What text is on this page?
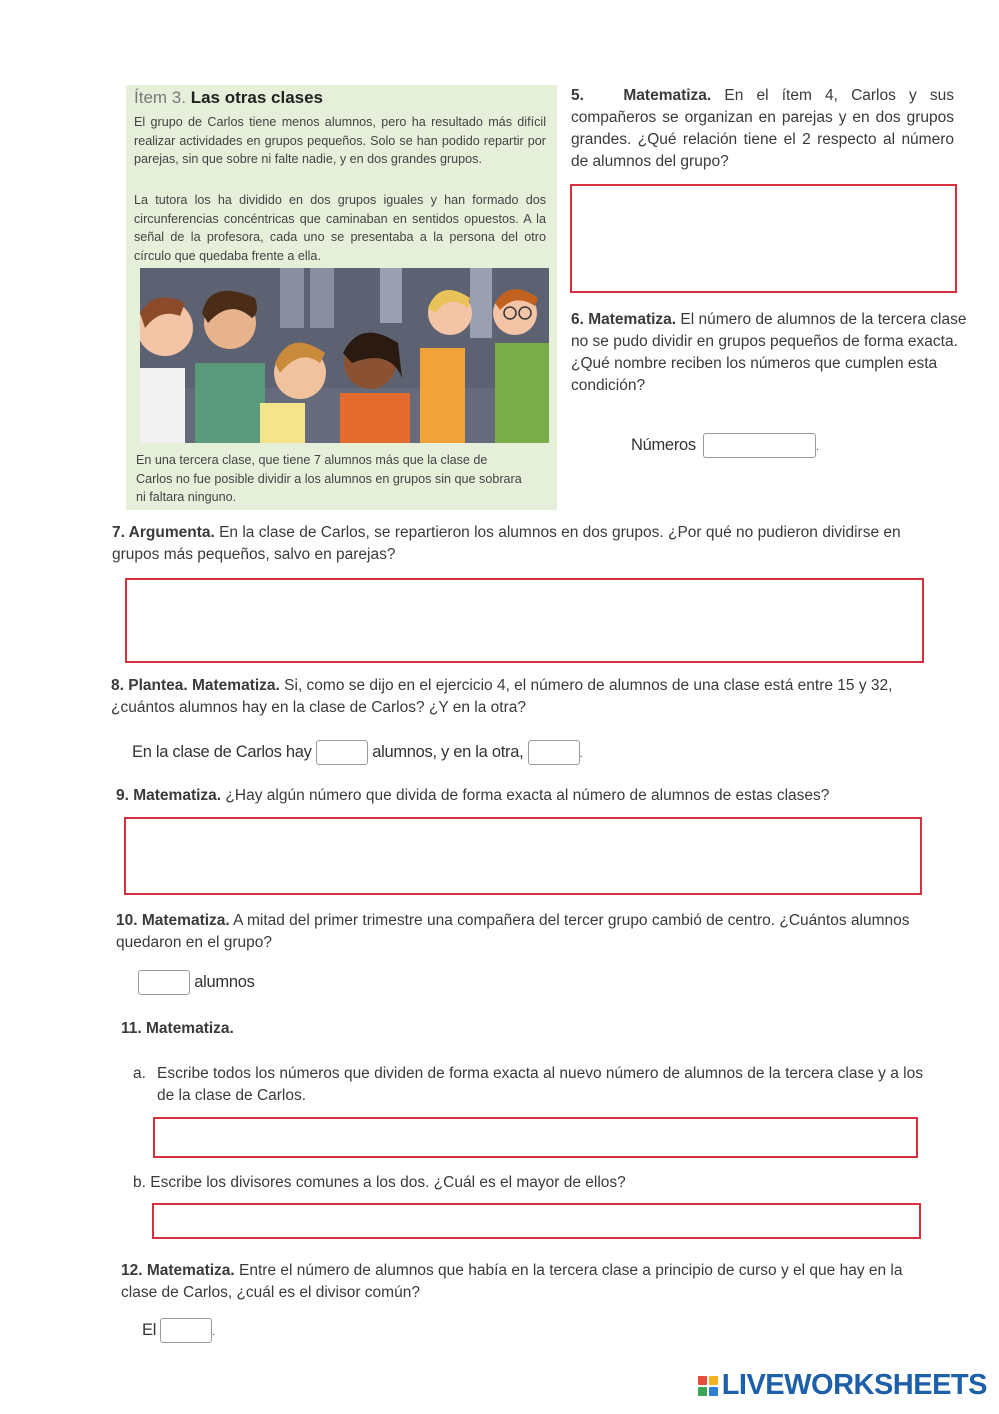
Ítem 3. Las otras clases
El grupo de Carlos tiene menos alumnos, pero ha resultado más difícil realizar actividades en grupos pequeños. Solo se han podido repartir por parejas, sin que sobre ni falte nadie, y en dos grandes grupos.
La tutora los ha dividido en dos grupos iguales y han formado dos circunferencias concéntricas que caminaban en sentidos opuestos. A la señal de la profesora, cada uno se presentaba a la persona del otro círculo que quedaba frente a ella.
En una tercera clase, que tiene 7 alumnos más que la clase de Carlos no fue posible dividir a los alumnos en grupos sin que sobrara ni faltara ninguno.
5.	Matematiza. En el ítem 4, Carlos y sus compañeros se organizan en parejas y en dos grupos grandes. ¿Qué relación tiene el 2 respecto al número de alumnos del grupo?
6. Matematiza. El número de alumnos de la tercera clase no se pudo dividir en grupos pequeños de forma exacta. ¿Qué nombre reciben los números que cumplen esta condición?
Números	.
7. Argumenta. En la clase de Carlos, se repartieron los alumnos en dos grupos. ¿Por qué no pudieron dividirse en grupos más pequeños, salvo en parejas?
8. Plantea. Matematiza. Si, como se dijo en el ejercicio 4, el número de alumnos de una clase está entre 15 y 32, ¿cuántos alumnos hay en la clase de Carlos? ¿Y en la otra?
En la clase de Carlos hay	alumnos, y en la otra,	.
9. Matematiza. ¿Hay algún número que divida de forma exacta al número de alumnos de estas clases?
10. Matematiza. A mitad del primer trimestre una compañera del tercer grupo cambió de centro. ¿Cuántos alumnos quedaron en el grupo?
alumnos
11. Matematiza.
a. Escribe todos los números que dividen de forma exacta al nuevo número de alumnos de la tercera clase y a los de la clase de Carlos.
b. Escribe los divisores comunes a los dos. ¿Cuál es el mayor de ellos?
12. Matematiza. Entre el número de alumnos que había en la tercera clase a principio de curso y el que hay en la clase de Carlos, ¿cuál es el divisor común?
El	.
LIVEWORKSHEETS
